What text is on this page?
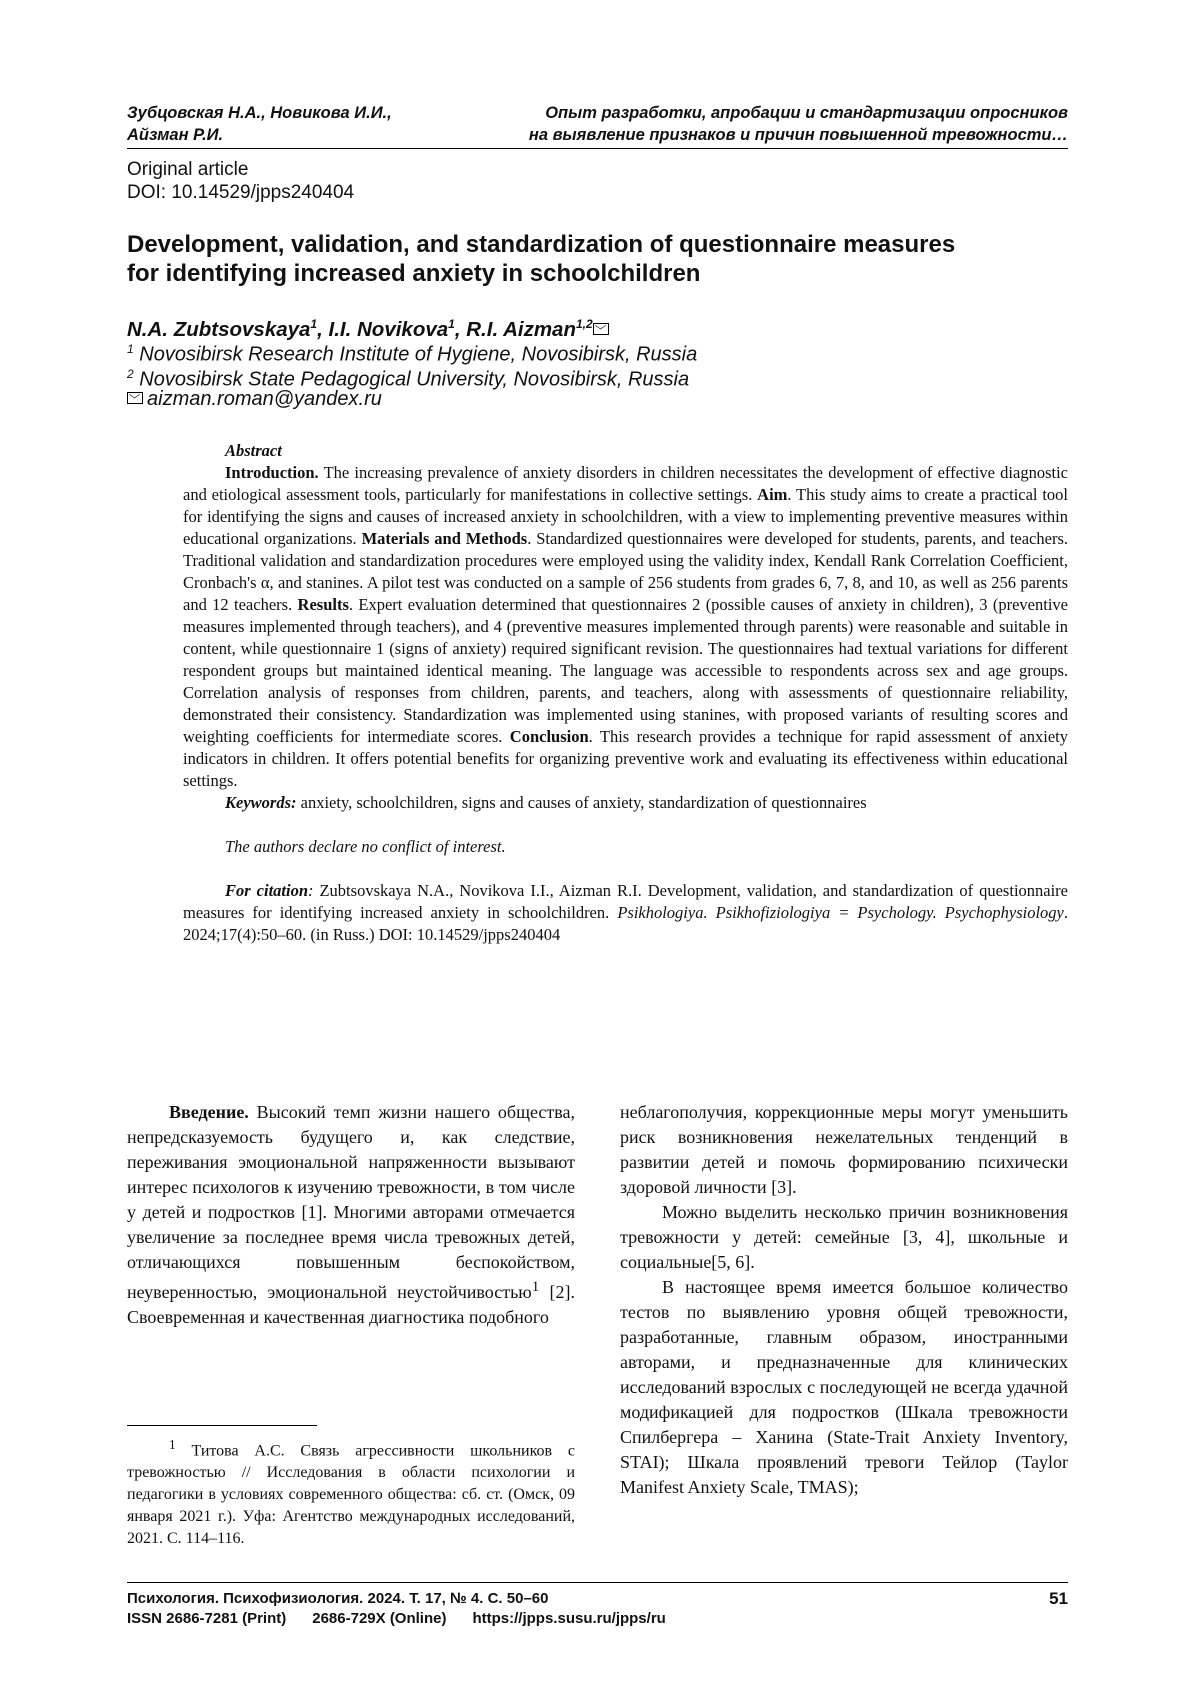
Зубцовская Н.А., Новикова И.И.,
Айзман Р.И.
Опыт разработки, апробации и стандартизации опросников
на выявление признаков и причин повышенной тревожности…
Original article
DOI: 10.14529/jpps240404
Development, validation, and standardization of questionnaire measures
for identifying increased anxiety in schoolchildren
N.A. Zubtsovskaya1, I.I. Novikova1, R.I. Aizman1,2
1 Novosibirsk Research Institute of Hygiene, Novosibirsk, Russia
2 Novosibirsk State Pedagogical University, Novosibirsk, Russia
aizman.roman@yandex.ru

Abstract

Introduction. The increasing prevalence of anxiety disorders in children necessitates the development of effective diagnostic and etiological assessment tools, particularly for manifestations in collective settings. Aim. This study aims to create a practical tool for identifying the signs and causes of increased anxiety in schoolchildren, with a view to implementing preventive measures within educational organizations. Materials and Methods. Standardized questionnaires were developed for students, parents, and teachers. Traditional validation and standardization procedures were employed using the validity index, Kendall Rank Correlation Coefficient, Cronbach's α, and stanines. A pilot test was conducted on a sample of 256 students from grades 6, 7, 8, and 10, as well as 256 parents and 12 teachers. Results. Expert evaluation determined that questionnaires 2 (possible causes of anxiety in children), 3 (preventive measures implemented through teachers), and 4 (preventive measures implemented through parents) were reasonable and suitable in content, while questionnaire 1 (signs of anxiety) required significant revision. The questionnaires had textual variations for different respondent groups but maintained identical meaning. The language was accessible to respondents across sex and age groups. Correlation analysis of responses from children, parents, and teachers, along with assessments of questionnaire reliability, demonstrated their consistency. Standardization was implemented using stanines, with proposed variants of resulting scores and weighting coefficients for intermediate scores. Conclusion. This research provides a technique for rapid assessment of anxiety indicators in children. It offers potential benefits for organizing preventive work and evaluating its effectiveness within educational settings.

Keywords: anxiety, schoolchildren, signs and causes of anxiety, standardization of questionnaires

The authors declare no conflict of interest.

For citation: Zubtsovskaya N.A., Novikova I.I., Aizman R.I. Development, validation, and standardization of questionnaire measures for identifying increased anxiety in schoolchildren. Psikhologiya. Psikhofiziologiya = Psychology. Psychophysiology. 2024;17(4):50–60. (in Russ.) DOI: 10.14529/jpps240404

Введение. Высокий темп жизни нашего общества, непредсказуемость будущего и, как следствие, переживания эмоциональной напряженности вызывают интерес психологов к изучению тревожности, в том числе у детей и подростков [1]. Многими авторами отмечается увеличение за последнее время числа тревожных детей, отличающихся повышенным беспокойством, неуверенностью, эмоциональной неустойчивостью1 [2]. Своевременная и качественная диагностика подобного

неблагополучия, коррекционные меры могут уменьшить риск возникновения нежелательных тенденций в развитии детей и помочь формированию психически здоровой личности [3].

Можно выделить несколько причин возникновения тревожности у детей: семейные [3, 4], школьные и социальные[5, 6].

В настоящее время имеется большое количество тестов по выявлению уровня общей тревожности, разработанные, главным образом, иностранными авторами, и предназначенные для клинических исследований взрослых с последующей не всегда удачной модификацией для подростков (Шкала тревожности Спилбергера – Ханина (State-Trait Anxiety Inventory, STAI); Шкала проявлений тревоги Тейлор (Taylor Manifest Anxiety Scale, TMAS);

1 Титова А.С. Связь агрессивности школьников с тревожностью // Исследования в области психологии и педагогики в условиях современного общества: сб. ст. (Омск, 09 января 2021 г.). Уфа: Агентство международных исследований, 2021. С. 114–116.

Психология. Психофизиология. 2024. Т. 17, № 4. С. 50–60
ISSN 2686-7281 (Print) 2686-729X (Online) https://jpps.susu.ru/jpps/ru
51
